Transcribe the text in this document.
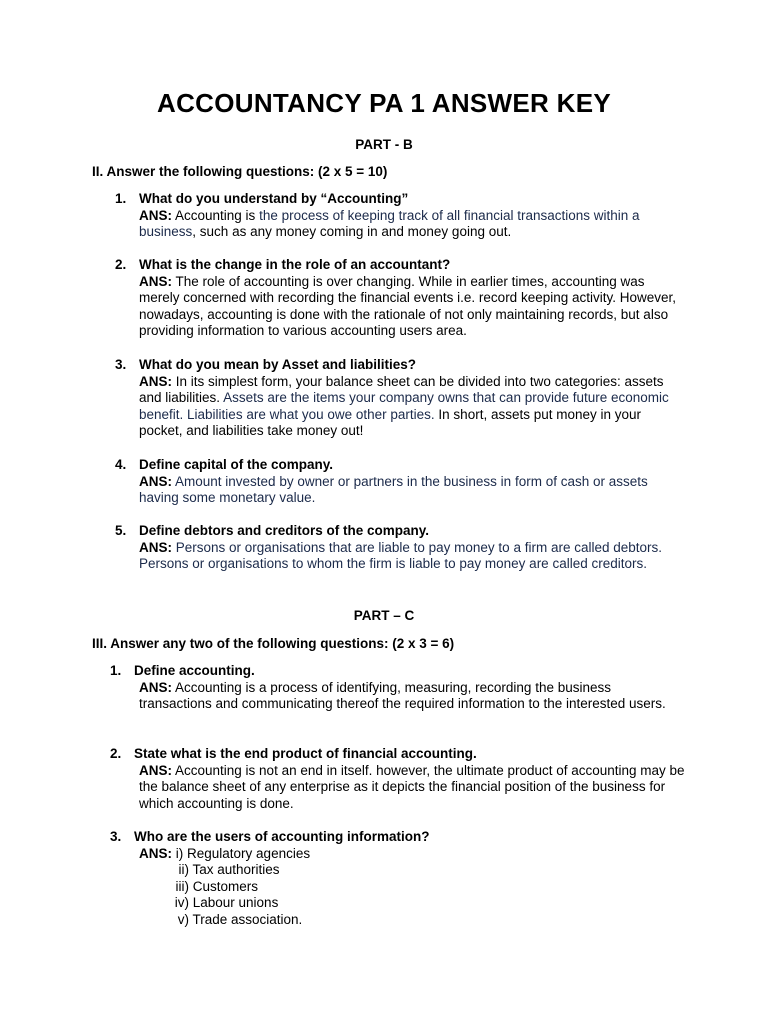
ACCOUNTANCY PA 1 ANSWER KEY
PART - B
II. Answer the following questions: (2 x 5 = 10)
1. What do you understand by “Accounting”
ANS: Accounting is the process of keeping track of all financial transactions within a business, such as any money coming in and money going out.
2. What is the change in the role of an accountant?
ANS: The role of accounting is over changing. While in earlier times, accounting was merely concerned with recording the financial events i.e. record keeping activity. However, nowadays, accounting is done with the rationale of not only maintaining records, but also providing information to various accounting users area.
3. What do you mean by Asset and liabilities?
ANS: In its simplest form, your balance sheet can be divided into two categories: assets and liabilities. Assets are the items your company owns that can provide future economic benefit. Liabilities are what you owe other parties. In short, assets put money in your pocket, and liabilities take money out!
4. Define capital of the company.
ANS: Amount invested by owner or partners in the business in form of cash or assets having some monetary value.
5. Define debtors and creditors of the company.
ANS: Persons or organisations that are liable to pay money to a firm are called debtors. Persons or organisations to whom the firm is liable to pay money are called creditors.
PART – C
III. Answer any two of the following questions: (2 x 3 = 6)
1. Define accounting.
ANS: Accounting is a process of identifying, measuring, recording the business transactions and communicating thereof the required information to the interested users.
2. State what is the end product of financial accounting.
ANS: Accounting is not an end in itself. however, the ultimate product of accounting may be the balance sheet of any enterprise as it depicts the financial position of the business for which accounting is done.
3. Who are the users of accounting information?
ANS: i) Regulatory agencies
ii) Tax authorities
iii) Customers
iv) Labour unions
v) Trade association.
